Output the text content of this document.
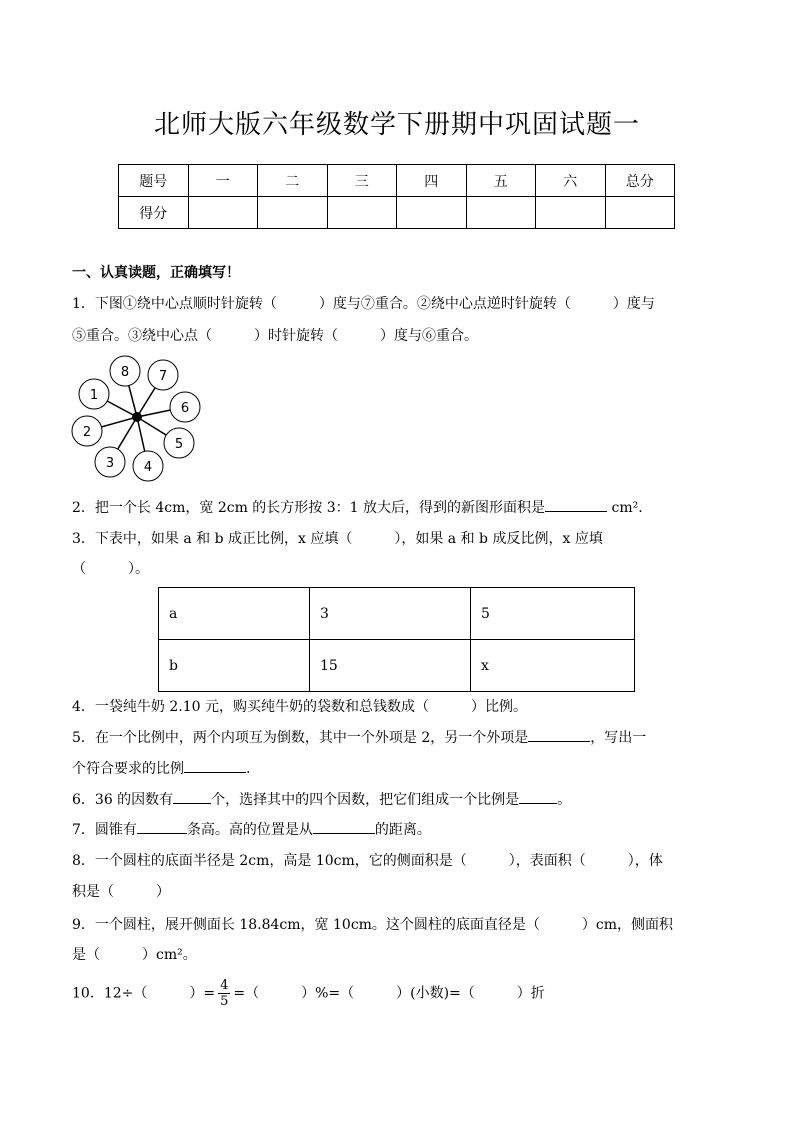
北师大版六年级数学下册期中巩固试题一
题号	一	二	三	四	五	六	总分
得分							
一、认真读题，正确填写！
1．下图①绕中心点顺时针旋转（　　　）度与⑦重合。②绕中心点逆时针旋转（　　　）度与
⑤重合。③绕中心点（　　　）时针旋转（　　　）度与⑥重合。
1
2
3 4
5
6
7
8
2．把一个长 4cm，宽 2cm 的长方形按 3：1 放大后，得到的新图形面积是	cm².
3．下表中，如果 a 和 b 成正比例，x 应填（　　　），如果 a 和 b 成反比例，x 应填
（　　　）。
a	3	5
b	15	x
4．一袋纯牛奶 2.10 元，购买纯牛奶的袋数和总钱数成（　　　）比例。
5．在一个比例中，两个内项互为倒数，其中一个外项是 2，另一个外项是	，写出一
个符合要求的比例	.
6．36 的因数有	个，选择其中的四个因数，把它们组成一个比例是	。
7．圆锥有	条高。高的位置是从	的距离。
8．一个圆柱的底面半径是 2cm，高是 10cm，它的侧面积是（　　　），表面积（　　　），体
积是（　　　）
9．一个圆柱，展开侧面长 18.84cm，宽 10cm。这个圆柱的底面直径是（　　　）cm，侧面积
是（　　　）cm²。
10．12÷（　　　）= $\frac{4}{5}$ =（　　　）%=（　　　）(小数)=（　　　）折
